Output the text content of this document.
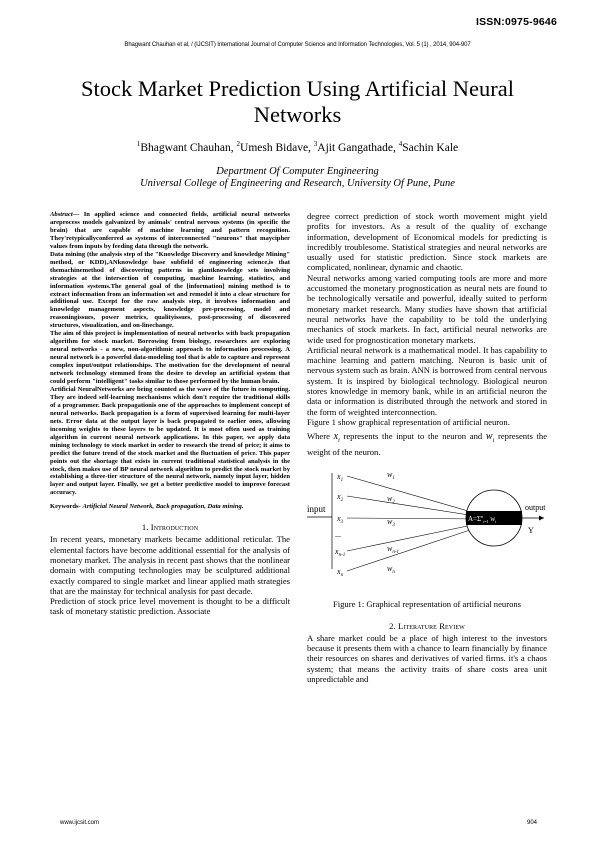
ISSN:0975-9646
Bhagwant Chauhan et al, / (IJCSIT) International Journal of Computer Science and Information Technologies, Vol. 5 (1) , 2014, 904-907
Stock Market Prediction Using Artificial Neural Networks
$^1$Bhagwant Chauhan, $^2$Umesh Bidave, $^3$Ajit Gangathade, $^4$Sachin Kale
Department Of Computer Engineering
Universal College of Engineering and Research, University Of Pune, Pune

Abstract— In applied science and connected fields, artificial neural networks areprocess models galvanized by animals' central nervous systems (in specific the brain) that are capable of machine learning and pattern recognition. They'retypicallyconferred as systems of interconnected "neurons" that maycipher values from inputs by feeding data through the network.

Data mining (the analysis step of the "Knowledge Discovery and knowledge Mining" method, or KDD),ANknowledge base subfield of engineering science,is that themachinemethod of discovering patterns in giantknowledge sets involving strategies at the intersection of computing, machine learning, statistics, and information systems.The general goal of the [information] mining method is to extract information from an information set and remodel it into a clear structure for additional use. Except for the raw analysis step, it involves information and knowledge management aspects, knowledge pre-processing, model and reasoningissues, power metrics, qualityissues, post-processing of discovered structures, visualization, and on-lineсhange.

The aim of this project is implementation of neural networks with back propagation algorithm for stock market. Borrowing from biology, researchers are exploring neural networks - a new, non-algorithmic approach to information processing. A neural network is a powerful data-modeling tool that is able to capture and represent complex input/output relationships. The motivation for the development of neural network technology stemmed from the desire to develop an artificial system that could perform "intelligent" tasks similar to those performed by the human brain.

Artificial NeuralNetworks are being counted as the wave of the future in computing. They are indeed self-learning mechanisms which don't require the traditional skills of a programmer. Back propagationis one of the approaches to implement concept of neural networks. Back propagation is a form of supervised learning for multi-layer nets. Error data at the output layer is back propagated to earlier ones, allowing incoming weights to these layers to be updated. It is most often used as training algorithm in current neural network applications. In this paper, we apply data mining technology to stock market in order to research the trend of price; it aims to predict the future trend of the stock market and the fluctuation of price. This paper points out the shortage that exists in current traditional statistical analysis in the stock, then makes use of BP neural network algorithm to predict the stock market by establishing a three-tier structure of the neural network, namely input layer, hidden layer and output layer. Finally, we get a better predictive model to improve forecast accuracy.

Keywords- Artificial Neural Network, Back propagation, Data mining.
1. Introduction

In recent years, monetary markets became additional reticular. The elemental factors have become additional essential for the analysis of monetary market. The analysis in recent past shows that the nonlinear domain with computing technologies may be sculptured additional exactly compared to single market and linear applied math strategies that are the mainstay for technical analysis for past decade.

Prediction of stock price level movement is thought to be a difficult task of monetary statistic prediction. Associate

degree correct prediction of stock worth movement might yield profits for investors. As a result of the quality of exchange information, development of Economical models for predicting is incredibly troublesome. Statistical strategies and neural networks are usually used for statistic prediction. Since stock markets are complicated, nonlinear, dynamic and chaotic.

Neural networks among varied computing tools are more and more accustomed the monetary prognostication as neural nets are found to be technologically versatile and powerful, ideally suited to perform monetary market research. Many studies have shown that artificial neural networks have the capability to be told the underlying mechanics of stock markets. In fact, artificial neural networks are wide used for prognostication monetary markets.

Artificial neural network is a mathematical model. It has capability to machine learning and pattern matching. Neuron is basic unit of nervous system such as brain. ANN is borrowed from central nervous system. It is inspired by biological technology. Biological neuron stores knowledge in memory bank, while in an artificial neuron the data or information is distributed through the network and stored in the form of weighted interconnection.

Figure 1 show graphical representation of artificial neuron.

Where $x_i$ represents the input to the neuron and $w_i$ represents the weight of the neuron.

input
$x_1$
$x_2$
$x_3$
...
$x_{n-1}$
$x_n$
$w_1$
$w_2$
$w_3$
$w_{n-1}$
$w_n$
$A=\Sigma^n_{i=1}$ $w_i$
output
Y
Figure 1: Graphical representation of artificial neurons
2. Literature Review

A share market could be a place of high interest to the investors because it presents them with a chance to learn financially by finance their resources on shares and derivatives of varied firms. it's a chaos system; that means the activity traits of share costs area unit unpredictable and

www.ijcsit.com	904
